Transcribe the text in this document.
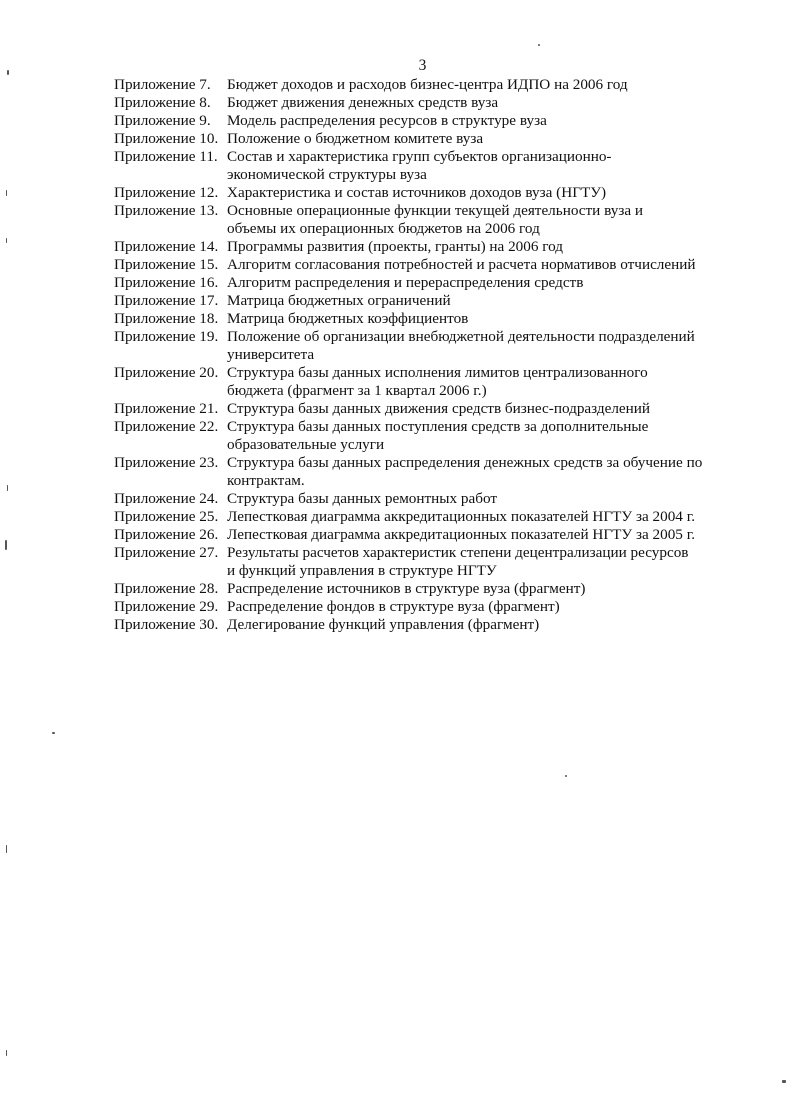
3
Приложение 7.	Бюджет доходов и расходов бизнес-центра ИДПО на 2006 год
Приложение 8.	Бюджет движения денежных средств вуза
Приложение 9.	Модель распределения ресурсов в структуре вуза
Приложение 10. Положение о бюджетном комитете вуза
Приложение 11. Состав и характеристика групп субъектов организационно-
экономической структуры вуза
Приложение 12. Характеристика и состав источников доходов вуза (НГТУ)
Приложение 13. Основные операционные функции текущей деятельности вуза и
объемы их операционных бюджетов на 2006 год
Приложение 14. Программы развития (проекты, гранты) на 2006 год
Приложение 15. Алгоритм согласования потребностей и расчета нормативов отчислений
Приложение 16. Алгоритм распределения и перераспределения средств
Приложение 17. Матрица бюджетных ограничений
Приложение 18. Матрица бюджетных коэффициентов
Приложение 19. Положение об организации внебюджетной деятельности подразделений
университета
Приложение 20. Структура базы данных исполнения лимитов централизованного
бюджета (фрагмент за 1 квартал 2006 г.)
Приложение 21. Структура базы данных движения средств бизнес-подразделений
Приложение 22. Структура базы данных поступления средств за дополнительные
образовательные услуги
Приложение 23. Структура базы данных распределения денежных средств за обучение по
контрактам.
Приложение 24. Структура базы данных ремонтных работ
Приложение 25. Лепестковая диаграмма аккредитационных показателей НГТУ за 2004 г.
Приложение 26. Лепестковая диаграмма аккредитационных показателей НГТУ за 2005 г.
Приложение 27. Результаты расчетов характеристик степени децентрализации ресурсов
и функций управления в структуре НГТУ
Приложение 28. Распределение источников в структуре вуза (фрагмент)
Приложение 29. Распределение фондов в структуре вуза (фрагмент)
Приложение 30. Делегирование функций управления (фрагмент)
